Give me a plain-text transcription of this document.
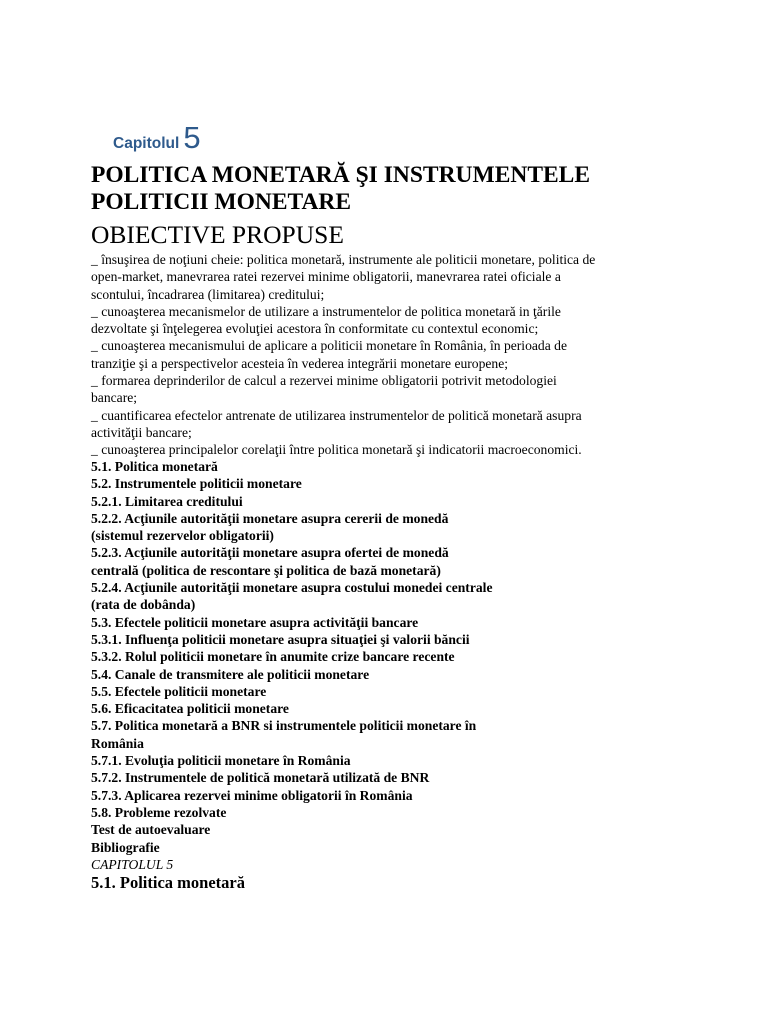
Capitolul 5
POLITICA MONETARĂ ŞI INSTRUMENTELE
POLITICII MONETARE
OBIECTIVE PROPUSE

_ însuşirea de noţiuni cheie: politica monetară, instrumente ale politicii monetare, politica de
open-market, manevrarea ratei rezervei minime obligatorii, manevrarea ratei oficiale a
scontului, încadrarea (limitarea) creditului;
_ cunoaşterea mecanismelor de utilizare a instrumentelor de politica monetară in ţările
dezvoltate şi înţelegerea evoluţiei acestora în conformitate cu contextul economic;
_ cunoaşterea mecanismului de aplicare a politicii monetare în România, în perioada de
tranziţie şi a perspectivelor acesteia în vederea integrării monetare europene;
_ formarea deprinderilor de calcul a rezervei minime obligatorii potrivit metodologiei
bancare;
_ cuantificarea efectelor antrenate de utilizarea instrumentelor de politică monetară asupra
activităţii bancare;
_ cunoaşterea principalelor corelaţii între politica monetară şi indicatorii macroeconomici.

5.1. Politica monetară
5.2. Instrumentele politicii monetare
5.2.1. Limitarea creditului
5.2.2. Acţiunile autorităţii monetare asupra cererii de monedă
(sistemul rezervelor obligatorii)
5.2.3. Acţiunile autorităţii monetare asupra ofertei de monedă
centrală (politica de rescontare şi politica de bază monetară)
5.2.4. Acţiunile autorităţii monetare asupra costului monedei centrale
(rata de dobânda)
5.3. Efectele politicii monetare asupra activităţii bancare
5.3.1. Influenţa politicii monetare asupra situaţiei şi valorii băncii
5.3.2. Rolul politicii monetare în anumite crize bancare recente
5.4. Canale de transmitere ale politicii monetare
5.5. Efectele politicii monetare
5.6. Eficacitatea politicii monetare
5.7. Politica monetară a BNR si instrumentele politicii monetare în
România
5.7.1. Evoluţia politicii monetare în România
5.7.2. Instrumentele de politică monetară utilizată de BNR
5.7.3. Aplicarea rezervei minime obligatorii în România
5.8. Probleme rezolvate
Test de autoevaluare
Bibliografie
CAPITOLUL 5
5.1. Politica monetară
